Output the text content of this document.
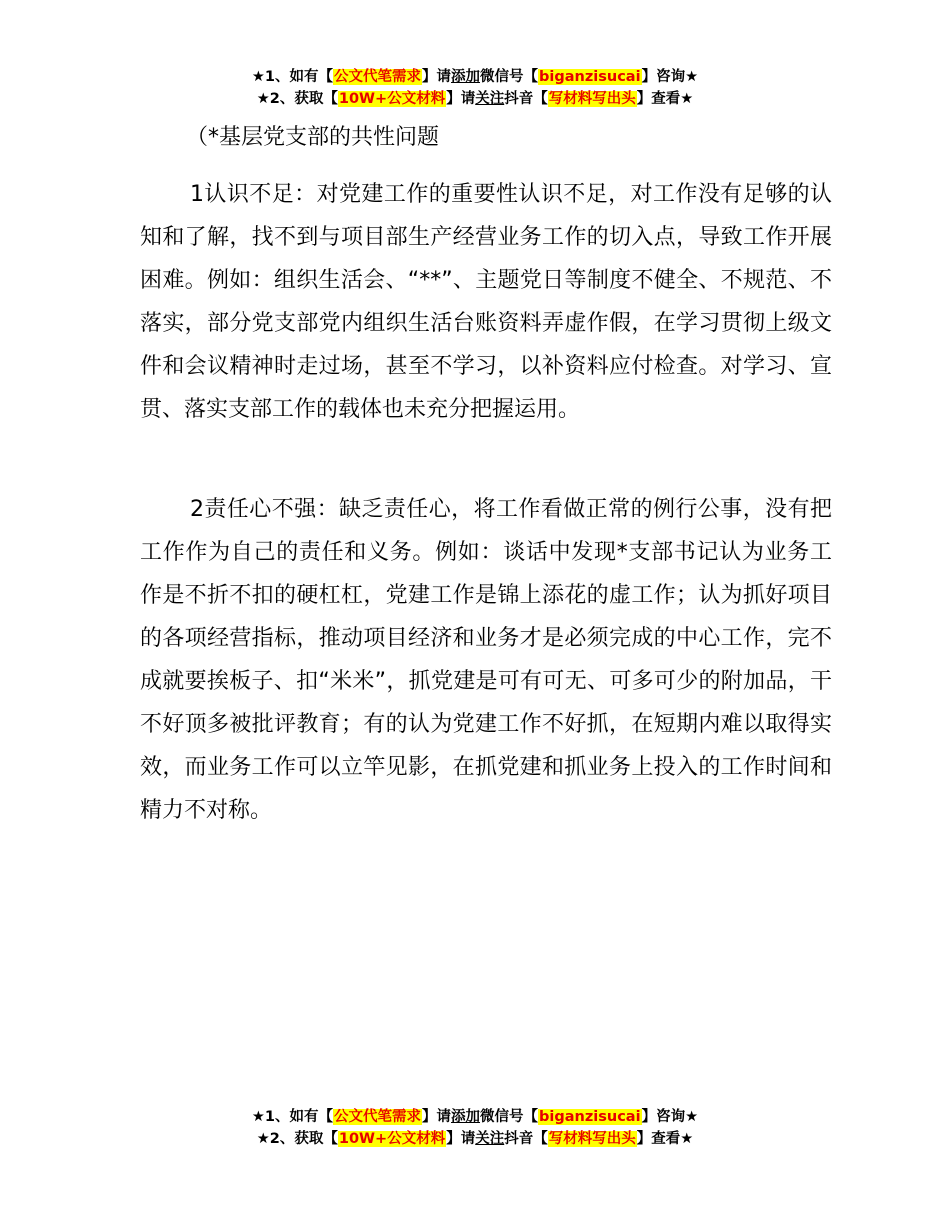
★1、如有【公文代笔需求】请添加微信号【biganzisucai】咨询★
★2、获取【10W+公文材料】请关注抖音【写材料写出头】查看★
（*基层党支部的共性问题

1认识不足：对党建工作的重要性认识不足，对工作没有足够的认知和了解，找不到与项目部生产经营业务工作的切入点，导致工作开展困难。例如：组织生活会、“**”、主题党日等制度不健全、不规范、不落实，部分党支部党内组织生活台账资料弄虚作假，在学习贯彻上级文件和会议精神时走过场，甚至不学习，以补资料应付检查。对学习、宣贯、落实支部工作的载体也未充分把握运用。

2责任心不强：缺乏责任心，将工作看做正常的例行公事，没有把工作作为自己的责任和义务。例如：谈话中发现*支部书记认为业务工作是不折不扣的硬杠杠，党建工作是锦上添花的虚工作；认为抓好项目的各项经营指标，推动项目经济和业务才是必须完成的中心工作，完不成就要挨板子、扣“米米”，抓党建是可有可无、可多可少的附加品，干不好顶多被批评教育；有的认为党建工作不好抓，在短期内难以取得实效，而业务工作可以立竿见影，在抓党建和抓业务上投入的工作时间和精力不对称。

★1、如有【公文代笔需求】请添加微信号【biganzisucai】咨询★
★2、获取【10W+公文材料】请关注抖音【写材料写出头】查看★
